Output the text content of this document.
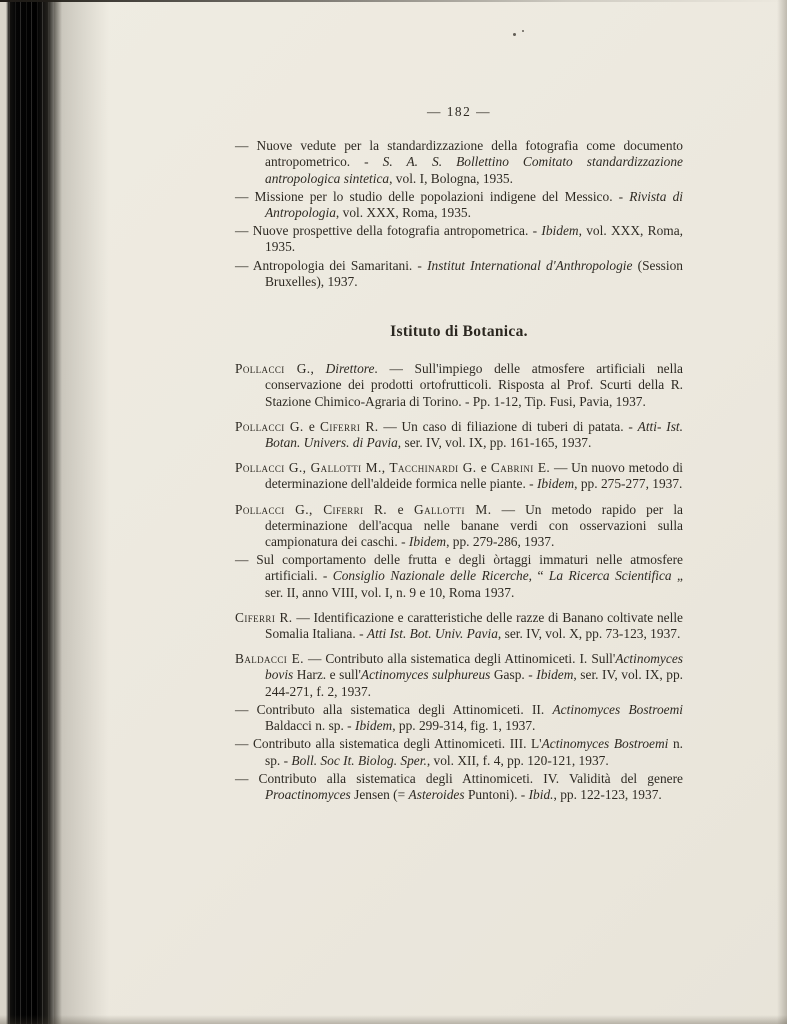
— 182 —

— Nuove vedute per la standardizzazione della fotografia come documento antropometrico. - S. A. S. Bollettino Comitato standardizzazione antropologica sintetica, vol. I, Bologna, 1935.

— Missione per lo studio delle popolazioni indigene del Messico. - Rivista di Antropologia, vol. XXX, Roma, 1935.

— Nuove prospettive della fotografia antropometrica. - Ibidem, vol. XXX, Roma, 1935.

— Antropologia dei Samaritani. - Institut International d'Anthropologie (Session Bruxelles), 1937.

Istituto di Botanica.

Pollacci G., Direttore. — Sull'impiego delle atmosfere artificiali nella conservazione dei prodotti ortofrutticoli. Risposta al Prof. Scurti della R. Stazione Chimico-Agraria di Torino. - Pp. 1-12, Tip. Fusi, Pavia, 1937.

Pollacci G. e Ciferri R. — Un caso di filiazione di tuberi di patata. - Atti- Ist. Botan. Univers. di Pavia, ser. IV, vol. IX, pp. 161-165, 1937.

Pollacci G., Gallotti M., Tacchinardi G. e Cabrini E. — Un nuovo metodo di determinazione dell'aldeide formica nelle piante. - Ibidem, pp. 275-277, 1937.

Pollacci G., Ciferri R. e Gallotti M. — Un metodo rapido per la determinazione dell'acqua nelle banane verdi con osservazioni sulla campionatura dei caschi. - Ibidem, pp. 279-286, 1937.

— Sul comportamento delle frutta e degli òrtaggi immaturi nelle atmosfere artificiali. - Consiglio Nazionale delle Ricerche, “ La Ricerca Scientifica „ ser. II, anno VIII, vol. I, n. 9 e 10, Roma 1937.

Ciferri R. — Identificazione e caratteristiche delle razze di Banano coltivate nelle Somalia Italiana. - Atti Ist. Bot. Univ. Pavia, ser. IV, vol. X, pp. 73-123, 1937.

Baldacci E. — Contributo alla sistematica degli Attinomiceti. I. Sull'Actinomyces bovis Harz. e sull'Actinomyces sulphureus Gasp. - Ibidem, ser. IV, vol. IX, pp. 244-271, f. 2, 1937.

— Contributo alla sistematica degli Attinomiceti. II. Actinomyces Bostroemi Baldacci n. sp. - Ibidem, pp. 299-314, fig. 1, 1937.

— Contributo alla sistematica degli Attinomiceti. III. L'Actinomyces Bostroemi n. sp. - Boll. Soc It. Biolog. Sper., vol. XII, f. 4, pp. 120-121, 1937.

— Contributo alla sistematica degli Attinomiceti. IV. Validità del genere Proactinomyces Jensen (= Asteroides Puntoni). - Ibid., pp. 122-123, 1937.
